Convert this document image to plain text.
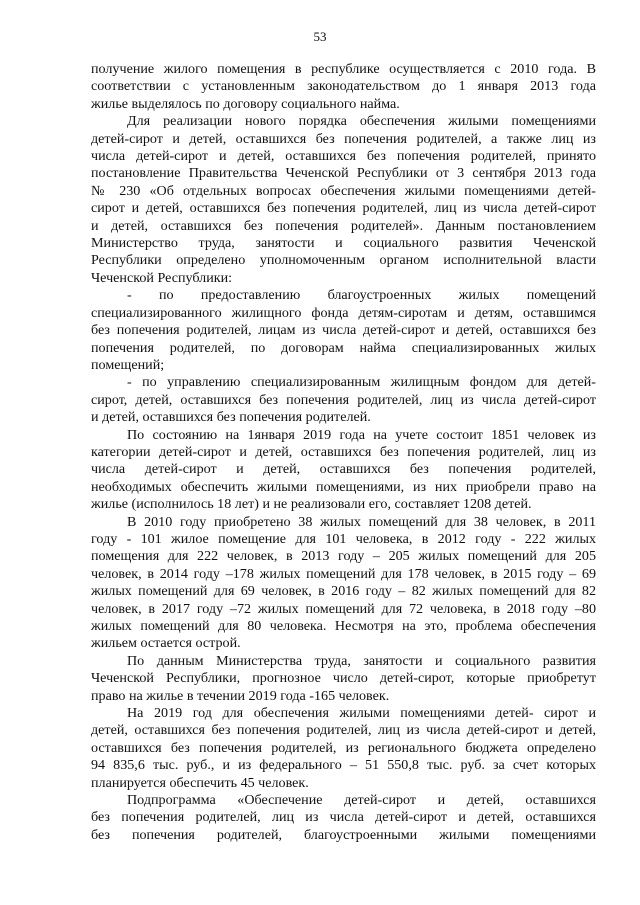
53

получение жилого помещения в республике осуществляется с 2010 года. В
соответствии с установленным законодательством до 1 января 2013 года
жилье выделялось по договору социального найма.

Для реализации нового порядка обеспечения жилыми помещениями
детей-сирот и детей, оставшихся без попечения родителей, а также лиц из
числа детей-сирот и детей, оставшихся без попечения родителей, принято
постановление Правительства Чеченской Республики от 3 сентября 2013 года
№ 230 «Об отдельных вопросах обеспечения жилыми помещениями детей-
сирот и детей, оставшихся без попечения родителей, лиц из числа детей-сирот
и детей, оставшихся без попечения родителей». Данным постановлением
Министерство труда, занятости и социального развития Чеченской
Республики определено уполномоченным органом исполнительной власти
Чеченской Республики:

- по предоставлению благоустроенных жилых помещений
специализированного жилищного фонда детям-сиротам и детям, оставшимся
без попечения родителей, лицам из числа детей-сирот и детей, оставшихся без
попечения родителей, по договорам найма специализированных жилых
помещений;

- по управлению специализированным жилищным фондом для детей-
сирот, детей, оставшихся без попечения родителей, лиц из числа детей-сирот
и детей, оставшихся без попечения родителей.

По состоянию на 1января 2019 года на учете состоит 1851 человек из
категории детей-сирот и детей, оставшихся без попечения родителей, лиц из
числа детей-сирот и детей, оставшихся без попечения родителей,
необходимых обеспечить жилыми помещениями, из них приобрели право на
жилье (исполнилось 18 лет) и не реализовали его, составляет 1208 детей.

В 2010 году приобретено 38 жилых помещений для 38 человек, в 2011
году - 101 жилое помещение для 101 человека, в 2012 году - 222 жилых
помещения для 222 человек, в 2013 году – 205 жилых помещений для 205
человек, в 2014 году –178 жилых помещений для 178 человек, в 2015 году – 69
жилых помещений для 69 человек, в 2016 году – 82 жилых помещений для 82
человек, в 2017 году –72 жилых помещений для 72 человека, в 2018 году –80
жилых помещений для 80 человека. Несмотря на это, проблема обеспечения
жильем остается острой.

По данным Министерства труда, занятости и социального развития
Чеченской Республики, прогнозное число детей-сирот, которые приобретут
право на жилье в течении 2019 года -165 человек.

На 2019 год для обеспечения жилыми помещениями детей- сирот и
детей, оставшихся без попечения родителей, лиц из числа детей-сирот и детей,
оставшихся без попечения родителей, из регионального бюджета определено
94 835,6 тыс. руб., и из федерального – 51 550,8 тыс. руб. за счет которых
планируется обеспечить 45 человек.

Подпрограмма «Обеспечение детей-сирот и детей, оставшихся
без попечения родителей, лиц из числа детей-сирот и детей, оставшихся
без попечения родителей, благоустроенными жилыми помещениями
